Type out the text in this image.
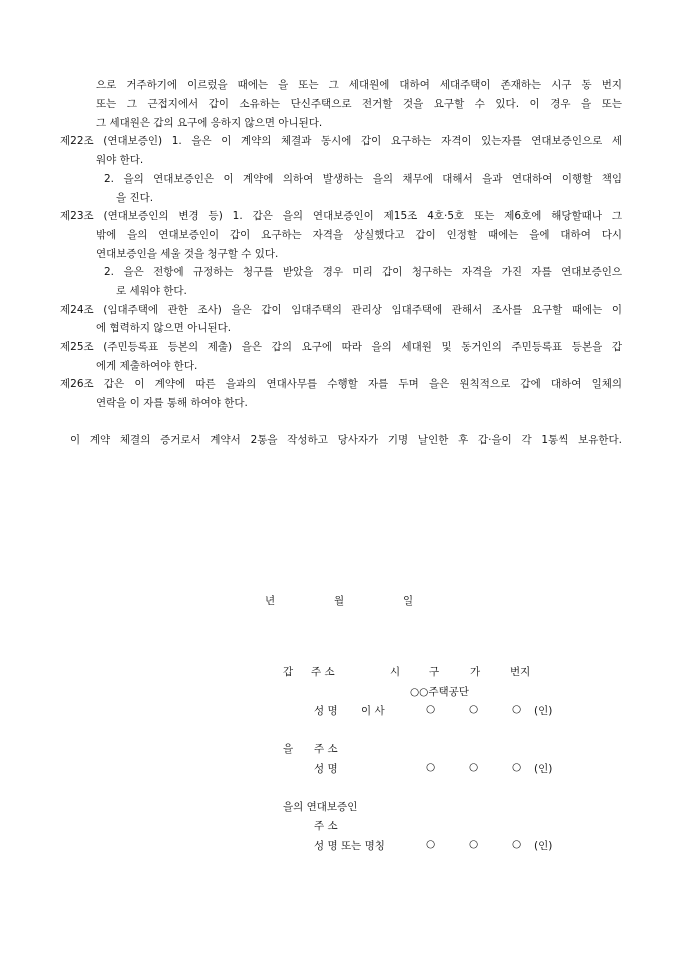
으로 거주하기에 이르렀을 때에는 을 또는 그 세대원에 대하여 세대주택이 존재하는 시구 동 번지
또는 그 근접지에서 갑이 소유하는 단신주택으로 전거할 것을 요구할 수 있다. 이 경우 을 또는
그 세대원은 갑의 요구에 응하지 않으면 아니된다.
제22조 (연대보증인) 1. 을은 이 계약의 체결과 동시에 갑이 요구하는 자격이 있는자를 연대보증인으로 세
워야 한다.
2. 을의 연대보증인은 이 계약에 의하여 발생하는 을의 채무에 대해서 을과 연대하여 이행할 책임
을 진다.
제23조 (연대보증인의 변경 등) 1. 갑은 을의 연대보증인이 제15조 4호·5호 또는 제6호에 해당할때나 그
밖에 을의 연대보증인이 갑이 요구하는 자격을 상실했다고 갑이 인정할 때에는 을에 대하여 다시
연대보증인을 세울 것을 청구할 수 있다.
2. 을은 전항에 규정하는 청구를 받았을 경우 미리 갑이 청구하는 자격을 가진 자를 연대보증인으
로 세워야 한다.
제24조 (임대주택에 관한 조사) 을은 갑이 임대주택의 관리상 임대주택에 관해서 조사를 요구할 때에는 이
에 협력하지 않으면 아니된다.
제25조 (주민등록표 등본의 제출) 을은 갑의 요구에 따라 을의 세대원 및 동거인의 주민등록표 등본을 갑
에게 제출하여야 한다.
제26조 갑은 이 계약에 따른 을과의 연대사무를 수행할 자를 두며 을은 원칙적으로 갑에 대하여 일체의
연락을 이 자를 통해 하여야 한다.
이 계약 체결의 증거로서 계약서 2통을 작성하고 당사자가 기명 날인한 후 갑·을이 각 1통씩 보유한다.
년	월	일
갑 주 소	시	구	가	번지
○○주택공단
성 명 이 사	○	○	○ (인)
을 주 소
성 명	○	○	○ (인)
을의 연대보증인
주 소
성 명 또는 명칭	○	○	○ (인)
